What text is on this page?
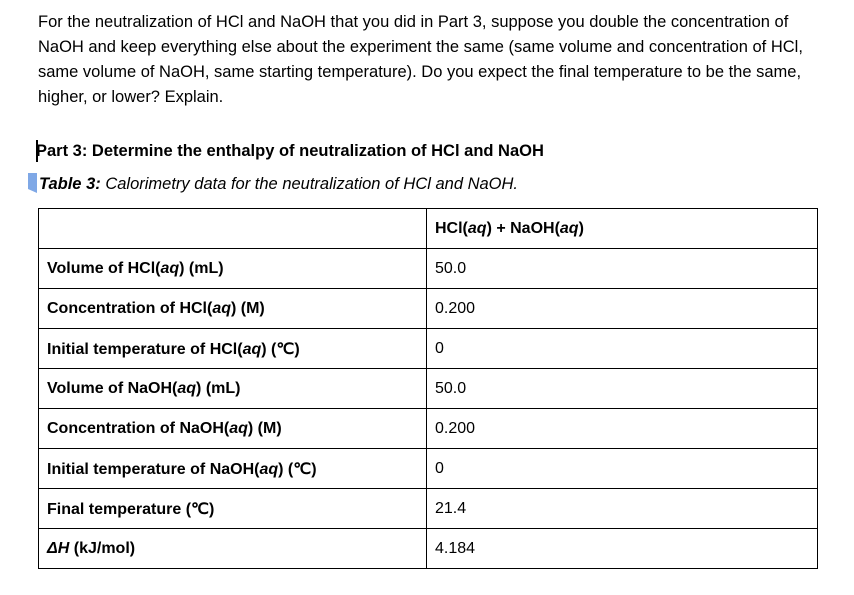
For the neutralization of HCl and NaOH that you did in Part 3, suppose you double the concentration of NaOH and keep everything else about the experiment the same (same volume and concentration of HCl, same volume of NaOH, same starting temperature). Do you expect the final temperature to be the same, higher, or lower? Explain.

Part 3: Determine the enthalpy of neutralization of HCl and NaOH
Table 3: Calorimetry data for the neutralization of HCl and NaOH.
	HCl(aq) + NaOH(aq)
Volume of HCl(aq) (mL)	50.0
Concentration of HCl(aq) (M)	0.200
Initial temperature of HCl(aq) (℃)	0
Volume of NaOH(aq) (mL)	50.0
Concentration of NaOH(aq) (M)	0.200
Initial temperature of NaOH(aq) (℃)	0
Final temperature (℃)	21.4
ΔH (kJ/mol)	4.184
